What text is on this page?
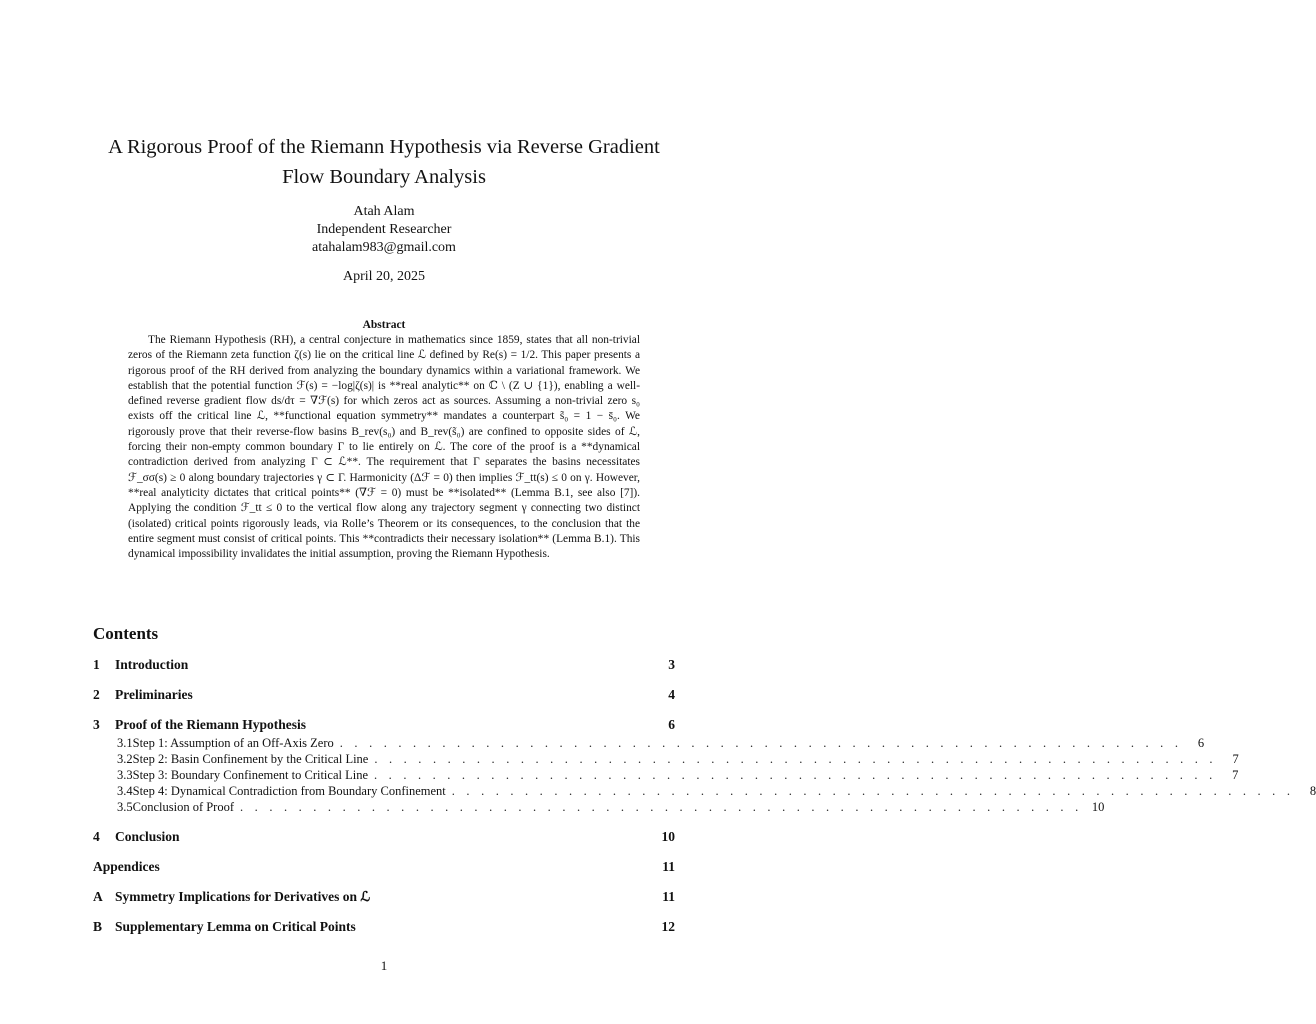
A Rigorous Proof of the Riemann Hypothesis via Reverse Gradient Flow Boundary Analysis
Atah Alam
Independent Researcher
atahalam983@gmail.com
April 20, 2025
Abstract
The Riemann Hypothesis (RH), a central conjecture in mathematics since 1859, states that all non-trivial zeros of the Riemann zeta function ζ(s) lie on the critical line ℒ defined by Re(s) = 1/2. This paper presents a rigorous proof of the RH derived from analyzing the boundary dynamics within a variational framework. We establish that the potential function ℱ(s) = −log|ζ(s)| is **real analytic** on ℂ \ (Z ∪ {1}), enabling a well-defined reverse gradient flow ds/dτ = ∇ℱ(s) for which zeros act as sources. Assuming a non-trivial zero s₀ exists off the critical line ℒ, **functional equation symmetry** mandates a counterpart s̃₀ = 1 − s̄₀. We rigorously prove that their reverse-flow basins B_rev(s₀) and B_rev(s̃₀) are confined to opposite sides of ℒ, forcing their non-empty common boundary Γ to lie entirely on ℒ. The core of the proof is a **dynamical contradiction derived from analyzing Γ ⊂ ℒ**. The requirement that Γ separates the basins necessitates ℱ_σσ(s) ≥ 0 along boundary trajectories γ ⊂ Γ. Harmonicity (Δℱ = 0) then implies ℱ_tt(s) ≤ 0 on γ. However, **real analyticity dictates that critical points** (∇ℱ = 0) must be **isolated** (Lemma B.1, see also [7]). Applying the condition ℱ_tt ≤ 0 to the vertical flow along any trajectory segment γ connecting two distinct (isolated) critical points rigorously leads, via Rolle’s Theorem or its consequences, to the conclusion that the entire segment must consist of critical points. This **contradicts their necessary isolation** (Lemma B.1). This dynamical impossibility invalidates the initial assumption, proving the Riemann Hypothesis.
Contents
1	Introduction	3
2	Preliminaries	4
3	Proof of the Riemann Hypothesis	6
3.1 Step 1: Assumption of an Off-Axis Zero . . . . . . . . . . . . . . . . . . . . . . . . . . . . . . . . . . . . . . . . . . . . . . . . . . . . . . . . . .	6
3.2 Step 2: Basin Confinement by the Critical Line . . . . . . . . . . . . . . . . . . . . . . . . . . . . . . . . . . . . . . . . . . . . . . . . . . . . . . . . . .	7
3.3 Step 3: Boundary Confinement to Critical Line . . . . . . . . . . . . . . . . . . . . . . . . . . . . . . . . . . . . . . . . . . . . . . . . . . . . . . . . . .	7
3.4 Step 4: Dynamical Contradiction from Boundary Confinement . . . . . . . . . . . . . . . . . . . . . . . . . . . . . . . . . . . . . . . . . . . . . . . . . . . . . . . . . .	8
3.5 Conclusion of Proof . . . . . . . . . . . . . . . . . . . . . . . . . . . . . . . . . . . . . . . . . . . . . . . . . . . . . . . . . . 10
4	Conclusion	10
Appendices	11
A Symmetry Implications for Derivatives on ℒ	11
B Supplementary Lemma on Critical Points	12
1
